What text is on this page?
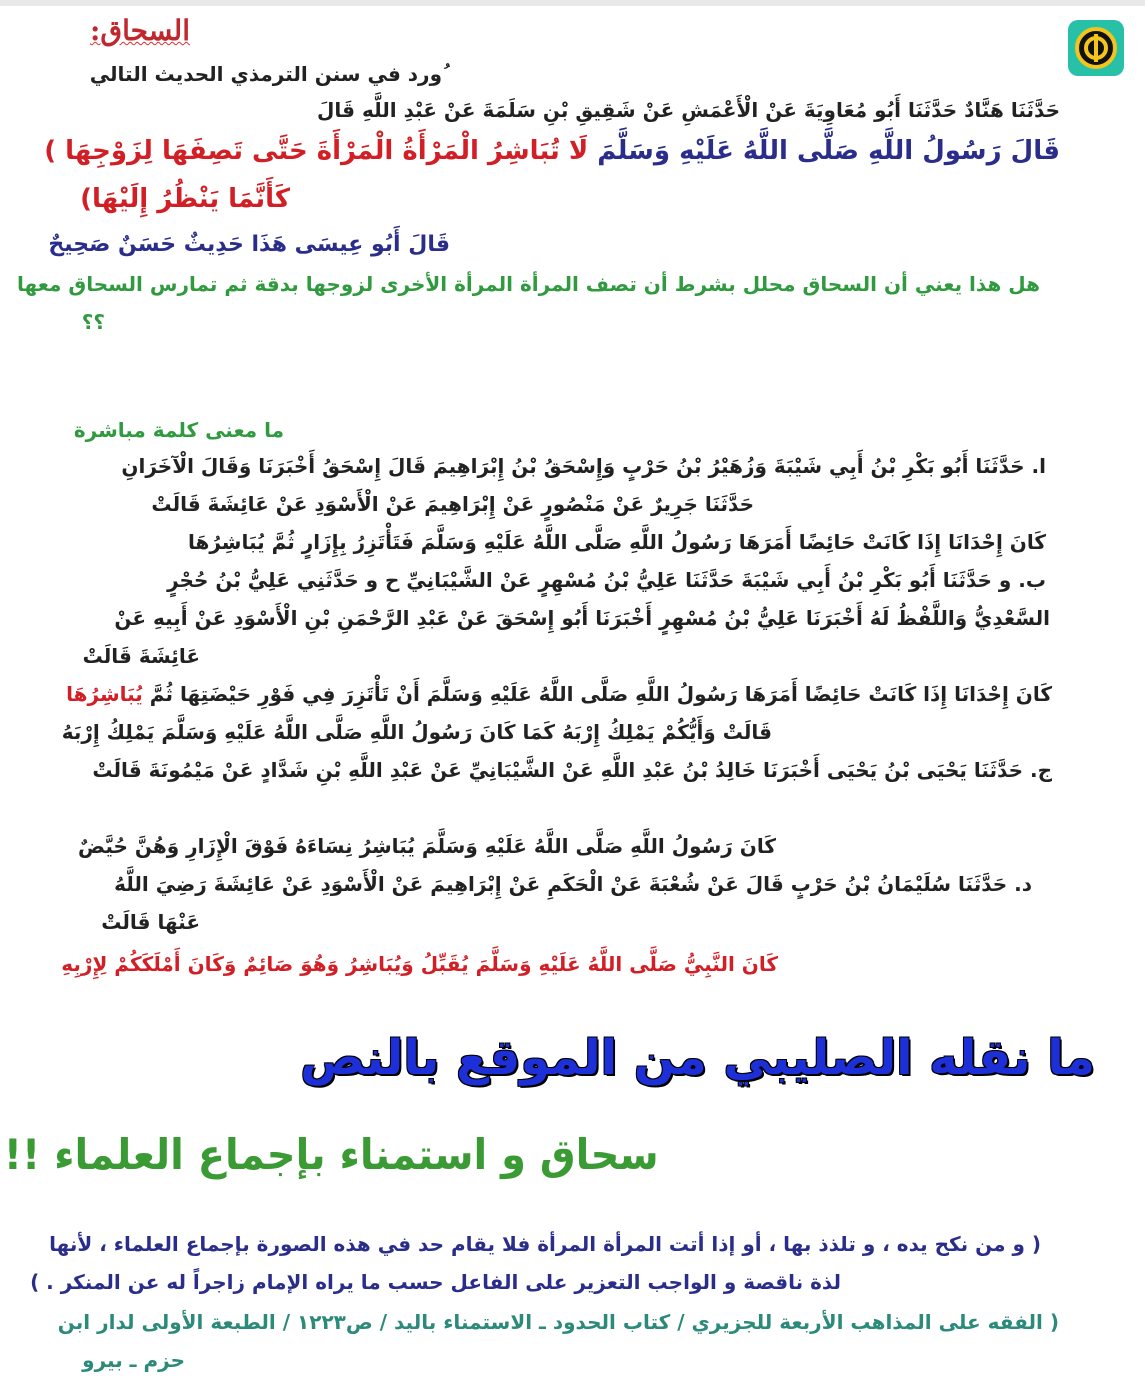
السحاق:
ُورد في سنن الترمذي الحديث التالي
حَدَّثَنَا هَنَّادٌ حَدَّثَنَا أَبُو مُعَاوِيَةَ عَنْ الْأَعْمَشِ عَنْ شَقِيقِ بْنِ سَلَمَةَ عَنْ عَبْدِ اللَّهِ قَالَ
قَالَ رَسُولُ اللَّهِ صَلَّى اللَّهُ عَلَيْهِ وَسَلَّمَ لَا تُبَاشِرُ الْمَرْأَةُ الْمَرْأَةَ حَتَّى تَصِفَهَا لِزَوْجِهَا )
كَأَنَّمَا يَنْظُرُ إِلَيْهَا)
قَالَ أَبُو عِيسَى هَذَا حَدِيثٌ حَسَنٌ صَحِيحٌ
هل هذا يعني أن السحاق محلل بشرط أن تصف المرأة المرأة الأخرى لزوجها بدقة ثم تمارس السحاق معها
؟؟
ما معنى كلمة مباشرة
ا. حَدَّثَنَا أَبُو بَكْرِ بْنُ أَبِي شَيْبَةَ وَزُهَيْرُ بْنُ حَرْبٍ وَإِسْحَقُ بْنُ إِبْرَاهِيمَ قَالَ إِسْحَقُ أَخْبَرَنَا وَقَالَ الْآخَرَانِ
حَدَّثَنَا جَرِيرٌ عَنْ مَنْصُورٍ عَنْ إِبْرَاهِيمَ عَنْ الْأَسْوَدِ عَنْ عَائِشَةَ قَالَتْ
كَانَ إِحْدَانَا إِذَا كَانَتْ حَائِضًا أَمَرَهَا رَسُولُ اللَّهِ صَلَّى اللَّهُ عَلَيْهِ وَسَلَّمَ فَتَأْتَزِرُ بِإِزَارٍ ثُمَّ يُبَاشِرُهَا
ب. و حَدَّثَنَا أَبُو بَكْرِ بْنُ أَبِي شَيْبَةَ حَدَّثَنَا عَلِيُّ بْنُ مُسْهِرٍ عَنْ الشَّيْبَانِيِّ ح و حَدَّثَنِي عَلِيُّ بْنُ حُجْرٍ
السَّعْدِيُّ وَاللَّفْظُ لَهُ أَخْبَرَنَا عَلِيُّ بْنُ مُسْهِرٍ أَخْبَرَنَا أَبُو إِسْحَقَ عَنْ عَبْدِ الرَّحْمَنِ بْنِ الْأَسْوَدِ عَنْ أَبِيهِ عَنْ
عَائِشَةَ قَالَتْ
كَانَ إِحْدَانَا إِذَا كَانَتْ حَائِضًا أَمَرَهَا رَسُولُ اللَّهِ صَلَّى اللَّهُ عَلَيْهِ وَسَلَّمَ أَنْ تَأْتَزِرَ فِي فَوْرِ حَيْضَتِهَا ثُمَّ يُبَاشِرُهَا
قَالَتْ وَأَيُّكُمْ يَمْلِكُ إِرْبَهُ كَمَا كَانَ رَسُولُ اللَّهِ صَلَّى اللَّهُ عَلَيْهِ وَسَلَّمَ يَمْلِكُ إِرْبَهُ
ج. حَدَّثَنَا يَحْيَى بْنُ يَحْيَى أَخْبَرَنَا خَالِدُ بْنُ عَبْدِ اللَّهِ عَنْ الشَّيْبَانِيِّ عَنْ عَبْدِ اللَّهِ بْنِ شَدَّادٍ عَنْ مَيْمُونَةَ قَالَتْ
كَانَ رَسُولُ اللَّهِ صَلَّى اللَّهُ عَلَيْهِ وَسَلَّمَ يُبَاشِرُ نِسَاءَهُ فَوْقَ الْإِزَارِ وَهُنَّ حُيَّضٌ
د. حَدَّثَنَا سُلَيْمَانُ بْنُ حَرْبٍ قَالَ عَنْ شُعْبَةَ عَنْ الْحَكَمِ عَنْ إِبْرَاهِيمَ عَنْ الْأَسْوَدِ عَنْ عَائِشَةَ رَضِيَ اللَّهُ
عَنْهَا قَالَتْ
كَانَ النَّبِيُّ صَلَّى اللَّهُ عَلَيْهِ وَسَلَّمَ يُقَبِّلُ وَيُبَاشِرُ وَهُوَ صَائِمٌ وَكَانَ أَمْلَكَكُمْ لِإِرْبِهِ
ما نقله الصليبي من الموقع بالنص
سحاق و استمناء بإجماع العلماء !!
( و من نكح يده ، و تلذذ بها ، أو إذا أتت المرأة المرأة فلا يقام حد في هذه الصورة بإجماع العلماء ، لأنها
لذة ناقصة و الواجب التعزير على الفاعل حسب ما يراه الإمام زاجراً له عن المنكر . )
( الفقه على المذاهب الأربعة للجزيري / كتاب الحدود ـ الاستمناء باليد / ص١٢٢٣ / الطبعة الأولى لدار ابن
حزم ـ بيرو
